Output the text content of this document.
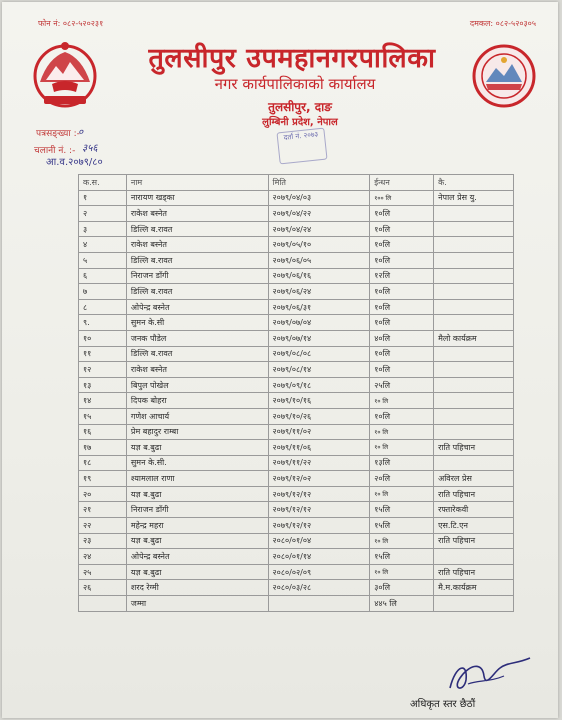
फोन नं: ०८२-५२०२३१	दमकल: ०८२-५२०३०५
तुलसीपुर उपमहानगरपालिका
नगर कार्यपालिकाको कार्यालय
तुलसीपुर, दाङ
लुम्बिनी प्रदेश, नेपाल
दर्ता नं. २०७३
पत्रसङ्ख्या :-
०
चलानी नं. :- ३५६
आ.व.२०७९/८०
क.स.	नाम	मिति	ईन्धन	कै.
१	नारायण खड्का	२०७९/०४/०३	१०० लि	नेपाल प्रेस यु.
२	राकेश बस्नेत	२०७९/०४/२२	१०लि	
३	डिल्लि ब.रावत	२०७९/०४/२४	१०लि	
४	राकेश बस्नेत	२०७९/०५/१०	१०लि	
५	डिल्लि ब.रावत	२०७९/०६/०५	१०लि	
६	निराजन डाँगी	२०७९/०६/१६	१२लि	
७	डिल्लि ब.रावत	२०७९/०६/२४	१०लि	
८	ओपेन्द्र बस्नेत	२०७९/०६/३१	१०लि	
९.	सुमन के.सी	२०७९/०७/०४	१०लि	
१०	जनक पौडेल	२०७९/०७/१४	४०लि	मैलो कार्यक्रम
११	डिल्लि ब.रावत	२०७९/०८/०८	१०लि	
१२	राकेश बस्नेत	२०७९/०८/१४	१०लि	
१३	बिपुल पोखेल	२०७९/०९/१८	२५लि	
१४	दिपक बोहरा	२०७९/१०/१६	१० लि	
१५	गणेश आचार्य	२०७९/१०/२६	१०लि	
१६	प्रेम बहादुर राम्बा	२०७९/११/०२	१० लि	
१७	यज्ञ ब.बुढा	२०७९/११/०६	१० लि	राति पहिचान
१८	सुमन के.सी.	२०७९/११/२२	१३लि	
१९	श्यामलाल राणा	२०७९/१२/०२	२०लि	अविरल प्रेस
२०	यज्ञ ब.बुढा	२०७९/१२/१२	१० लि	राति पहिचान
२१	निराजन डाँगी	२०७९/१२/१२	१५लि	रफ्तारेकवी
२२	महेन्द्र महरा	२०७९/१२/१२	१५लि	एस.टि.एन
२३	यज्ञ ब.बुढा	२०८०/०१/०४	१० लि	राति पहिचान
२४	ओपेन्द्र बस्नेत	२०८०/०१/१४	१५लि	
२५	यज्ञ ब.बुढा	२०८०/०२/०९	१० लि	राति पहिचान
२६	शरद रेग्मी	२०८०/०३/२८	३०लि	मै.म.कार्यक्रम
	जम्मा		४४५ लि	
अधिकृत स्तर छैठौं
